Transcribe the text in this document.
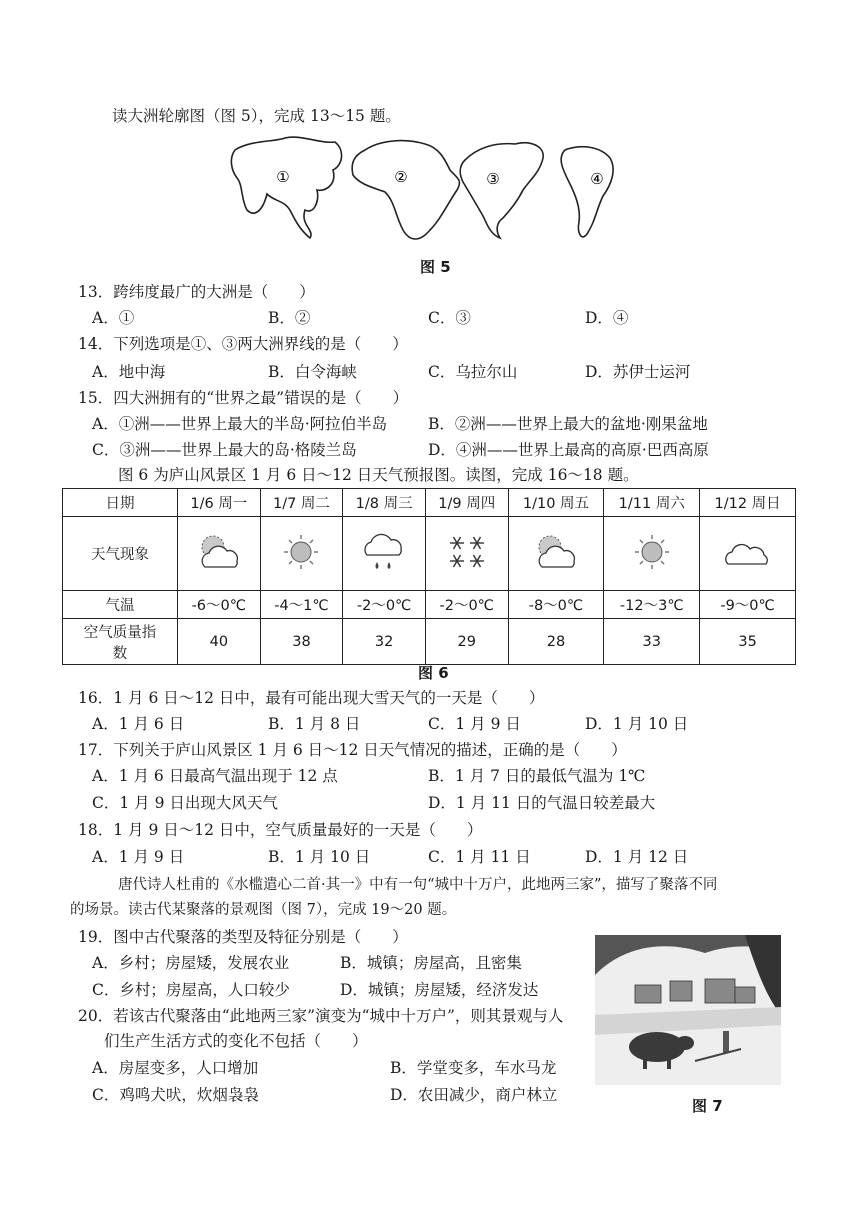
读大洲轮廓图（图 5），完成 13～15 题。
①	②	③	④
图 5
13．跨纬度最广的大洲是（　　）
A．①	B．②	C．③	D．④
14．下列选项是①、③两大洲界线的是（　　）
A．地中海	B．白令海峡	C．乌拉尔山	D．苏伊士运河
15．四大洲拥有的“世界之最”错误的是（　　）
A．①洲——世界上最大的半岛·阿拉伯半岛	B．②洲——世界上最大的盆地·刚果盆地
C．③洲——世界上最大的岛·格陵兰岛	D．④洲——世界上最高的高原·巴西高原
图 6 为庐山风景区 1 月 6 日～12 日天气预报图。读图，完成 16～18 题。
日期	1/6 周一	1/7 周二	1/8 周三	1/9 周四	1/10 周五	1/11 周六	1/12 周日
天气现象							
气温	-6～0℃	-4～1℃	-2～0℃	-2～0℃	-8～0℃	-12～3℃	-9～0℃
空气质量指数	40	38	32	29	28	33	35
图 6
16．1 月 6 日～12 日中，最有可能出现大雪天气的一天是（　　）
A．1 月 6 日	B．1 月 8 日	C．1 月 9 日	D．1 月 10 日
17．下列关于庐山风景区 1 月 6 日～12 日天气情况的描述，正确的是（　　）
A．1 月 6 日最高气温出现于 12 点	B．1 月 7 日的最低气温为 1℃
C．1 月 9 日出现大风天气	D．1 月 11 日的气温日较差最大
18．1 月 9 日～12 日中，空气质量最好的一天是（　　）
A．1 月 9 日	B．1 月 10 日	C．1 月 11 日	D．1 月 12 日
唐代诗人杜甫的《水槛遣心二首·其一》中有一句“城中十万户，此地两三家”，描写了聚落不同
的场景。读古代某聚落的景观图（图 7），完成 19～20 题。
19．图中古代聚落的类型及特征分别是（　　）
A．乡村；房屋矮，发展农业	B．城镇；房屋高，且密集
C．乡村；房屋高，人口较少	D．城镇；房屋矮，经济发达
20．若该古代聚落由“此地两三家”演变为“城中十万户”，则其景观与人
们生产生活方式的变化不包括（　　）
A．房屋变多，人口增加	B．学堂变多，车水马龙
C．鸡鸣犬吠，炊烟袅袅	D．农田减少，商户林立
图 7
